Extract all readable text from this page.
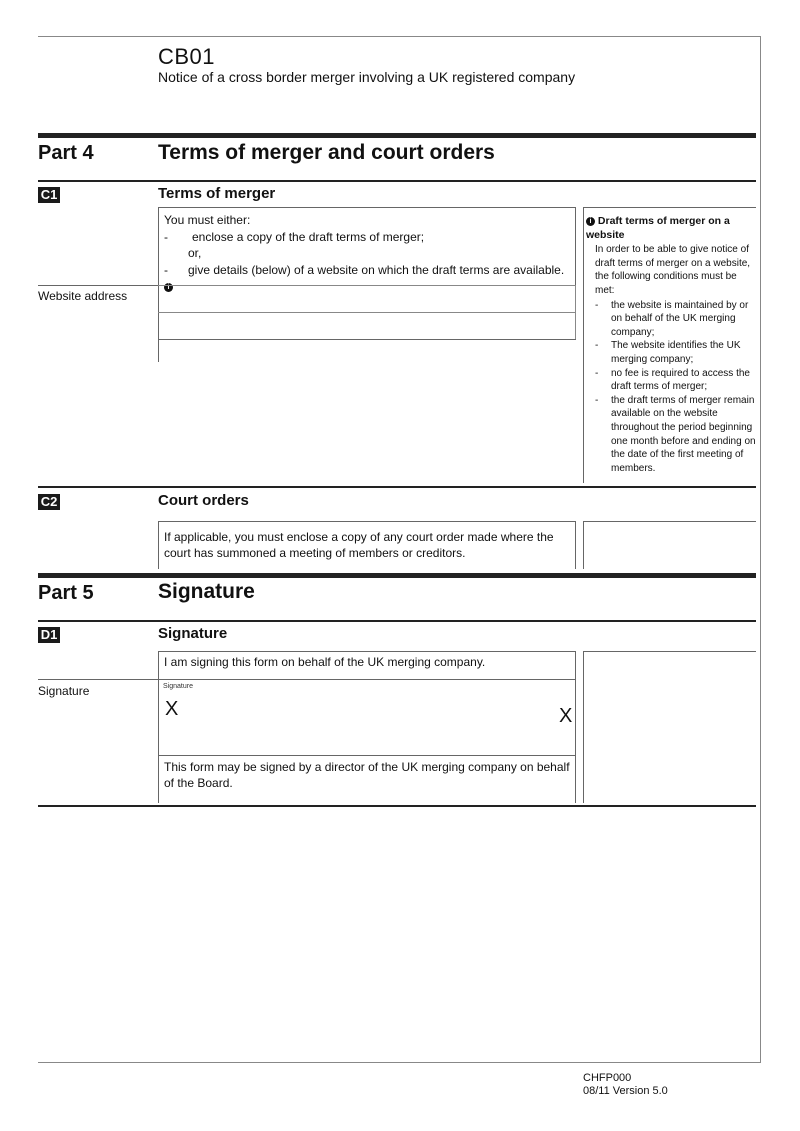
CB01
Notice of a cross border merger involving a UK registered company
Part 4	Terms of merger and court orders
C1	Terms of merger
You must either:
- enclose a copy of the draft terms of merger;
or,
- give details (below) of a website on which the draft terms are available. i
Website address
i Draft terms of merger on a website
In order to be able to give notice of draft terms of merger on a website, the following conditions must be met:
- the website is maintained by or on behalf of the UK merging company;
- The website identifies the UK merging company;
- no fee is required to access the draft terms of merger;
- the draft terms of merger remain available on the website throughout the period beginning one month before and ending on the date of the first meeting of members.
C2	Court orders
If applicable, you must enclose a copy of any court order made where the court has summoned a meeting of members or creditors.
Part 5	Signature
D1	Signature
I am signing this form on behalf of the UK merging company.
Signature	Signature
X	X
This form may be signed by a director of the UK merging company on behalf of the Board.
CHFP000
08/11 Version 5.0
